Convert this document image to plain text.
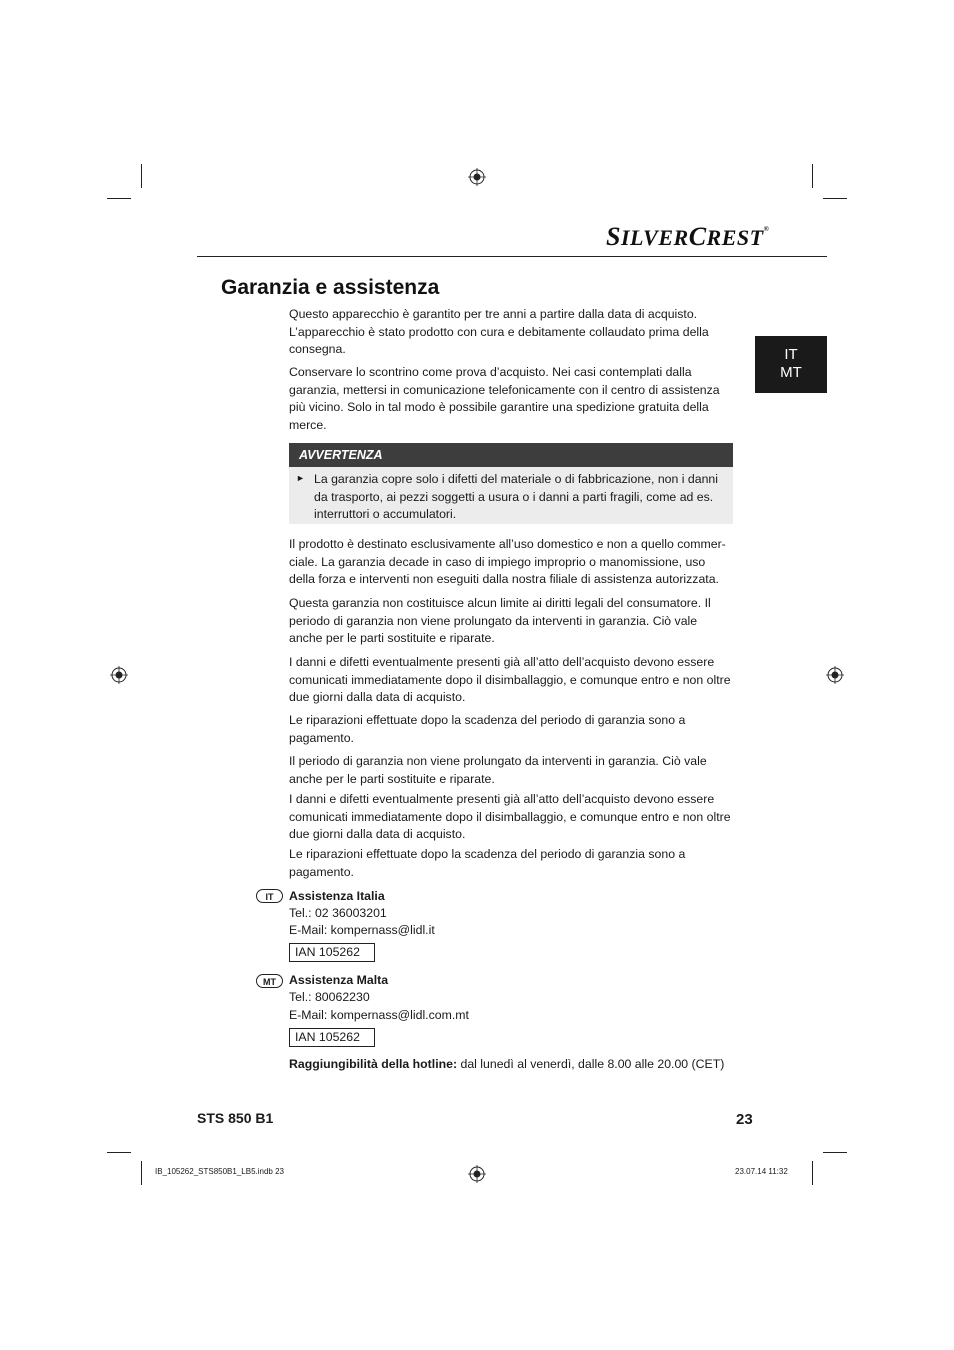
SILVERCREST®
Garanzia e assistenza
IT
MT

Questo apparecchio è garantito per tre anni a partire dalla data di acquisto. L’apparecchio è stato prodotto con cura e debitamente collaudato prima della consegna.

Conservare lo scontrino come prova d’acquisto. Nei casi contemplati dalla garanzia, mettersi in comunicazione telefonicamente con il centro di assistenza più vicino. Solo in tal modo è possibile garantire una spedizione gratuita della merce.

AVVERTENZA
► La garanzia copre solo i difetti del materiale o di fabbricazione, non i danni da trasporto, ai pezzi soggetti a usura o i danni a parti fragili, come ad es. interruttori o accumulatori.

Il prodotto è destinato esclusivamente all’uso domestico e non a quello commer-ciale. La garanzia decade in caso di impiego improprio o manomissione, uso della forza e interventi non eseguiti dalla nostra filiale di assistenza autorizzata.

Questa garanzia non costituisce alcun limite ai diritti legali del consumatore. Il periodo di garanzia non viene prolungato da interventi in garanzia. Ciò vale anche per le parti sostituite e riparate.

I danni e difetti eventualmente presenti già all’atto dell’acquisto devono essere comunicati immediatamente dopo il disimballaggio, e comunque entro e non oltre due giorni dalla data di acquisto.

Le riparazioni effettuate dopo la scadenza del periodo di garanzia sono a pagamento.

Il periodo di garanzia non viene prolungato da interventi in garanzia. Ciò vale anche per le parti sostituite e riparate.

I danni e difetti eventualmente presenti già all’atto dell’acquisto devono essere comunicati immediatamente dopo il disimballaggio, e comunque entro e non oltre due giorni dalla data di acquisto.

Le riparazioni effettuate dopo la scadenza del periodo di garanzia sono a pagamento.

IT	Assistenza Italia
Tel.: 02 36003201
E-Mail: kompernass@lidl.it
IAN 105262
MT	Assistenza Malta
Tel.: 80062230
E-Mail: kompernass@lidl.com.mt
IAN 105262
Raggiungibilità della hotline: dal lunedì al venerdì, dalle 8.00 alle 20.00 (CET)
STS 850 B1	23
IB_105262_STS850B1_LB5.indb 23	23.07.14 11:32
